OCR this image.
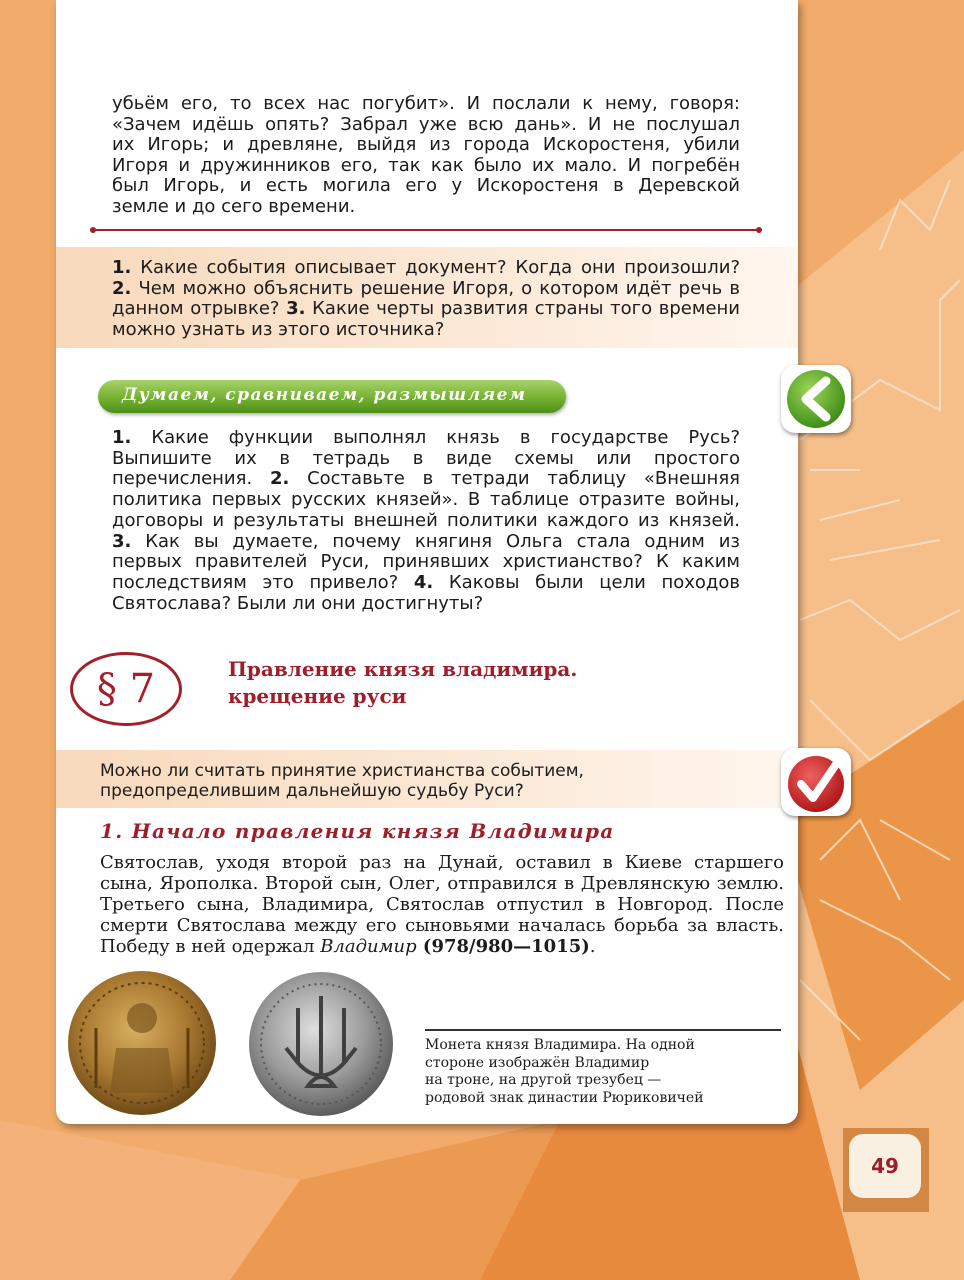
убьём его, то всех нас погубит». И послали к нему, говоря:
«Зачем идёшь опять? Забрал уже всю дань». И не послушал
их Игорь; и древляне, выйдя из города Искоростеня, убили
Игоря и дружинников его, так как было их мало. И погребён
был Игорь, и есть могила его у Искоростеня в Деревской
земле и до сего времени.
1. Какие события описывает документ? Когда они произошли? 2. Чем можно объяснить решение Игоря, о котором идёт речь в данном отрывке? 3. Какие черты развития страны того времени можно узнать из этого источника?
Думаем, сравниваем, размышляем
1. Какие функции выполнял князь в государстве Русь? Выпишите их в тетрадь в виде схемы или простого перечисления. 2. Составьте в тетради таблицу «Внешняя политика первых русских князей». В таблице отразите войны, договоры и результаты внешней политики каждого из князей. 3. Как вы думаете, почему княгиня Ольга стала одним из первых правителей Руси, принявших христианство? К каким последствиям это привело? 4. Каковы были цели походов Святослава? Были ли они достигнуты?
§ 7	Правление князя владимира.
крещение руси
Можно ли считать принятие христианства событием, предопределившим дальнейшую судьбу Руси?
1. Начало правления князя Владимира
Святослав, уходя второй раз на Дунай, оставил в Киеве старшего сына, Ярополка. Второй сын, Олег, отправился в Древлянскую землю. Третьего сына, Владимира, Святослав отпустил в Новгород. После смерти Святослава между его сыновьями началась борьба за власть. Победу в ней одержал Владимир (978/980—1015).
Монета князя Владимира. На одной
стороне изображён Владимир
на троне, на другой трезубец —
родовой знак династии Рюриковичей
49
